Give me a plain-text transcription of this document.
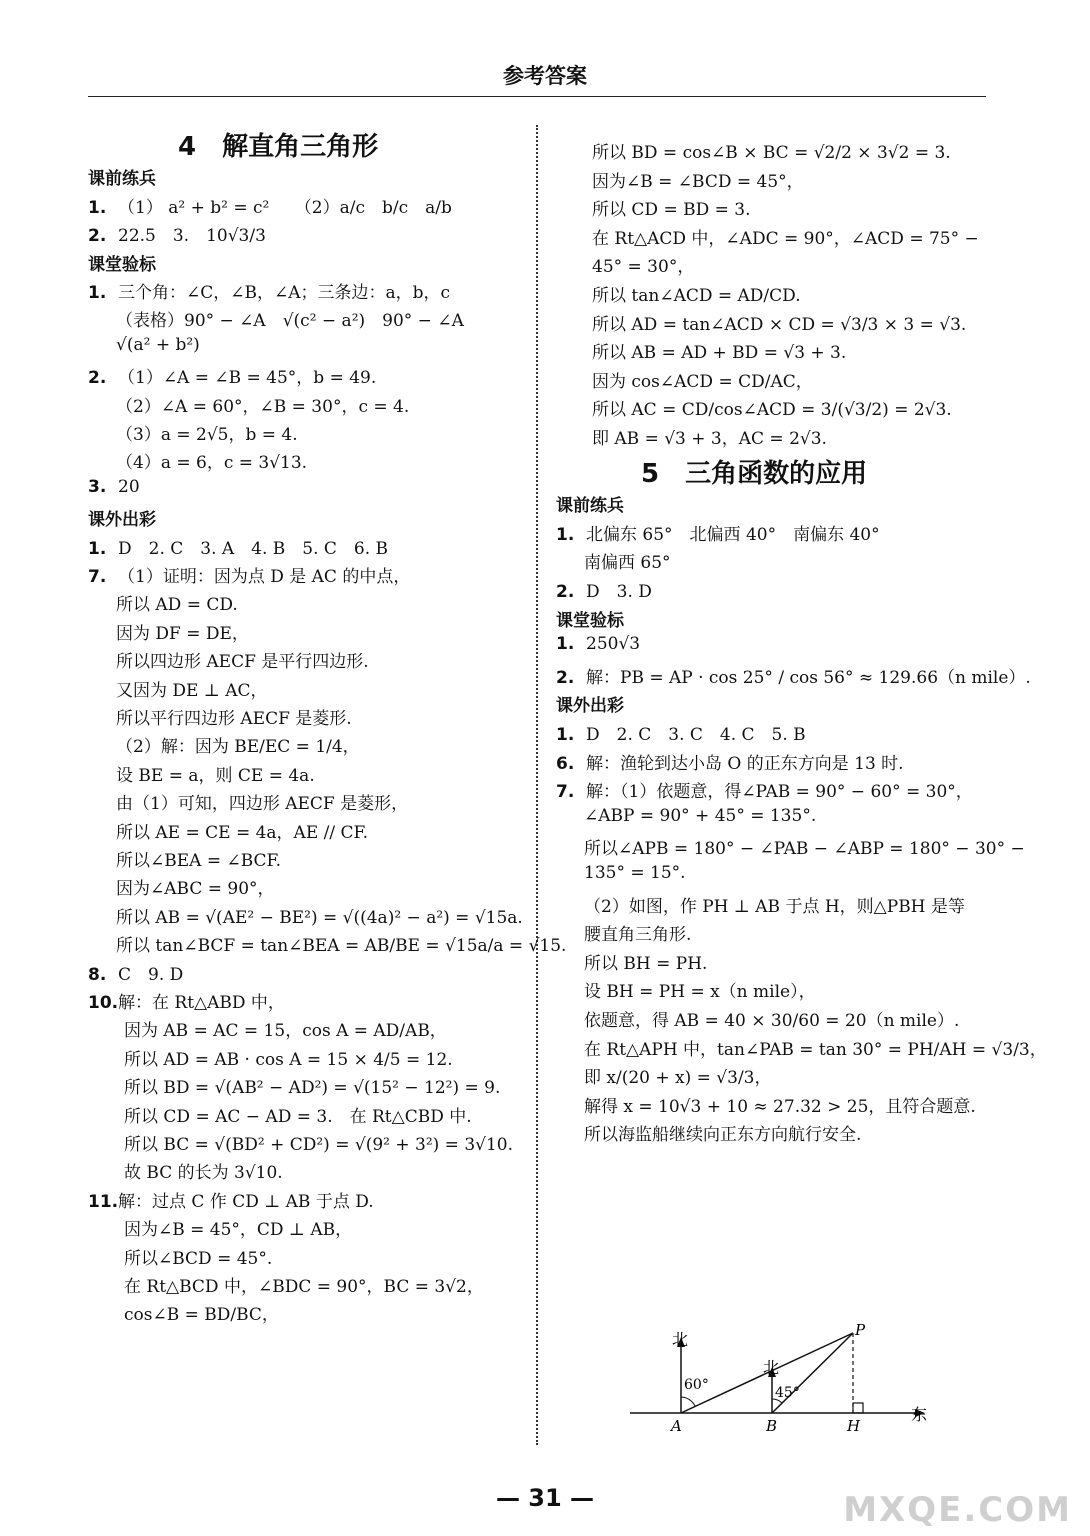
参考答案
4　解直角三角形
课前练兵
1. （1） a² + b² = c²　　（2）a/c　b/c　a/b
2. 22.5　3.　10√3/3
课堂验标
1. 三个角：∠C，∠B，∠A；三条边：a，b，c
（表格）90° − ∠A　√(c² − a²)　90° − ∠A
√(a² + b²)
2. （1）∠A = ∠B = 45°，b = 49.
（2）∠A = 60°，∠B = 30°，c = 4.
（3）a = 2√5，b = 4.
（4）a = 6，c = 3√13.
3. 20
课外出彩
1. D　2. C　3. A　4. B　5. C　6. B
7. （1）证明：因为点 D 是 AC 的中点，
所以 AD = CD.
因为 DF = DE，
所以四边形 AECF 是平行四边形.
又因为 DE ⊥ AC，
所以平行四边形 AECF 是菱形.
（2）解：因为 BE/EC = 1/4，
设 BE = a，则 CE = 4a.
由（1）可知，四边形 AECF 是菱形，
所以 AE = CE = 4a，AE // CF.
所以∠BEA = ∠BCF.
因为∠ABC = 90°，
所以 AB = √(AE² − BE²) = √((4a)² − a²) = √15a.
所以 tan∠BCF = tan∠BEA = AB/BE = √15a/a = √15.
8. C　9. D
10.解：在 Rt△ABD 中，
因为 AB = AC = 15，cos A = AD/AB，
所以 AD = AB · cos A = 15 × 4/5 = 12.
所以 BD = √(AB² − AD²) = √(15² − 12²) = 9.
所以 CD = AC − AD = 3.　在 Rt△CBD 中.
所以 BC = √(BD² + CD²) = √(9² + 3²) = 3√10.
故 BC 的长为 3√10.
11.解：过点 C 作 CD ⊥ AB 于点 D.
因为∠B = 45°，CD ⊥ AB，
所以∠BCD = 45°.
在 Rt△BCD 中，∠BDC = 90°，BC = 3√2，
cos∠B = BD/BC，
所以 BD = cos∠B × BC = √2/2 × 3√2 = 3.
因为∠B = ∠BCD = 45°，
所以 CD = BD = 3.
在 Rt△ACD 中，∠ADC = 90°，∠ACD = 75° −
45° = 30°，
所以 tan∠ACD = AD/CD.
所以 AD = tan∠ACD × CD = √3/3 × 3 = √3.
所以 AB = AD + BD = √3 + 3.
因为 cos∠ACD = CD/AC，
所以 AC = CD/cos∠ACD = 3/(√3/2) = 2√3.
即 AB = √3 + 3，AC = 2√3.
5　三角函数的应用
课前练兵
1. 北偏东 65°　北偏西 40°　南偏东 40°
南偏西 65°
2. D　3. D
课堂验标
1. 250√3
2. 解：PB = AP · cos 25° / cos 56° ≈ 129.66（n mile）.
课外出彩
1. D　2. C　3. C　4. C　5. B
6. 解：渔轮到达小岛 O 的正东方向是 13 时.
7. 解：（1）依题意，得∠PAB = 90° − 60° = 30°，
∠ABP = 90° + 45° = 135°.
所以∠APB = 180° − ∠PAB − ∠ABP = 180° − 30° −
135° = 15°.
（2）如图，作 PH ⊥ AB 于点 H，则△PBH 是等
腰直角三角形.
所以 BH = PH.
设 BH = PH = x（n mile），
依题意，得 AB = 40 × 30/60 = 20（n mile）.
在 Rt△APH 中，tan∠PAB = tan 30° = PH/AH = √3/3，
即 x/(20 + x) = √3/3，
解得 x = 10√3 + 10 ≈ 27.32 > 25，且符合题意.
所以海监船继续向正东方向航行安全.
北
北
60°	45°
P
A	B	H
东
— 31 —	MXQE.COM
